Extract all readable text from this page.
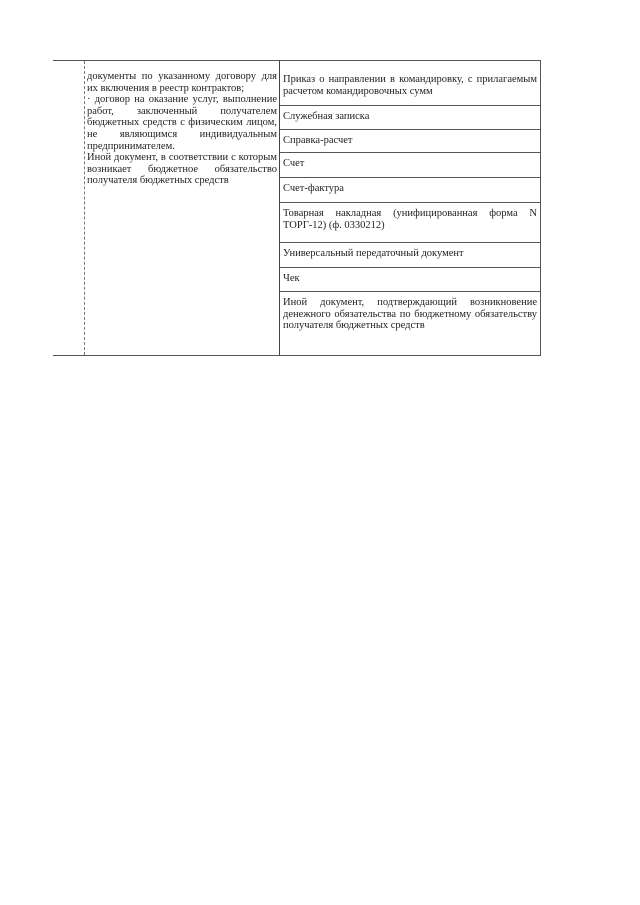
документы по указанному договору для их включения в реестр контрактов;

· договор на оказание услуг, выполнение работ, заключенный получателем бюджетных средств с физическим лицом, не являющимся индивидуальным предпринимателем.

Иной документ, в соответствии с которым возникает бюджетное обязательство получателя бюджетных средств

Приказ о направлении в командировку, с прилагаемым расчетом командировочных сумм
Служебная записка
Справка-расчет
Счет
Счет-фактура
Товарная накладная (унифицированная форма N ТОРГ-12) (ф. 0330212)
Универсальный передаточный документ
Чек
Иной документ, подтверждающий возникновение денежного обязательства по бюджетному обязательству получателя бюджетных средств
